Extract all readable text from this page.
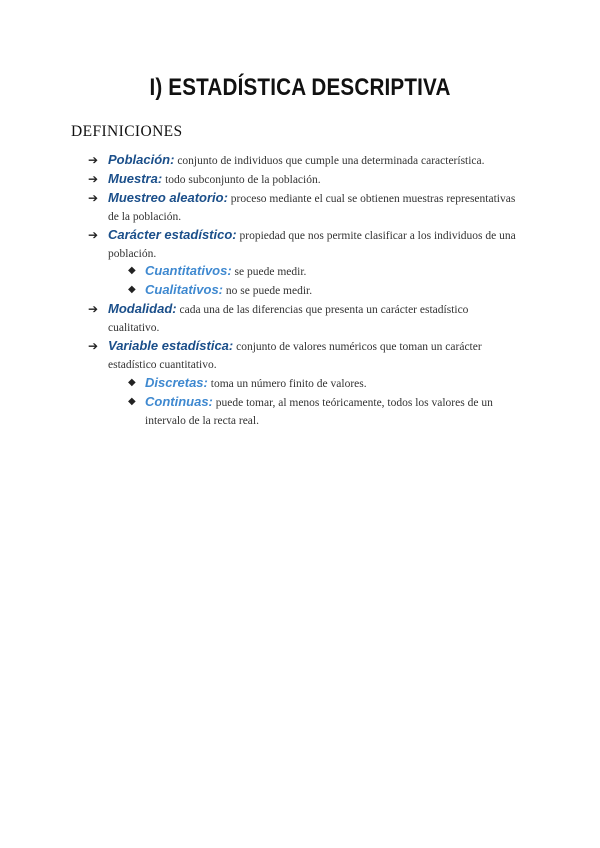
I) ESTADÍSTICA DESCRIPTIVA
DEFINICIONES
➔ Población: conjunto de individuos que cumple una determinada característica.
➔ Muestra: todo subconjunto de la población.
➔ Muestreo aleatorio: proceso mediante el cual se obtienen muestras representativas de la población.
➔ Carácter estadístico: propiedad que nos permite clasificar a los individuos de una población.
◆ Cuantitativos: se puede medir.
◆ Cualitativos: no se puede medir.
➔ Modalidad: cada una de las diferencias que presenta un carácter estadístico cualitativo.
➔ Variable estadística: conjunto de valores numéricos que toman un carácter estadístico cuantitativo.
◆ Discretas: toma un número finito de valores.
◆ Continuas: puede tomar, al menos teóricamente, todos los valores de un intervalo de la recta real.
